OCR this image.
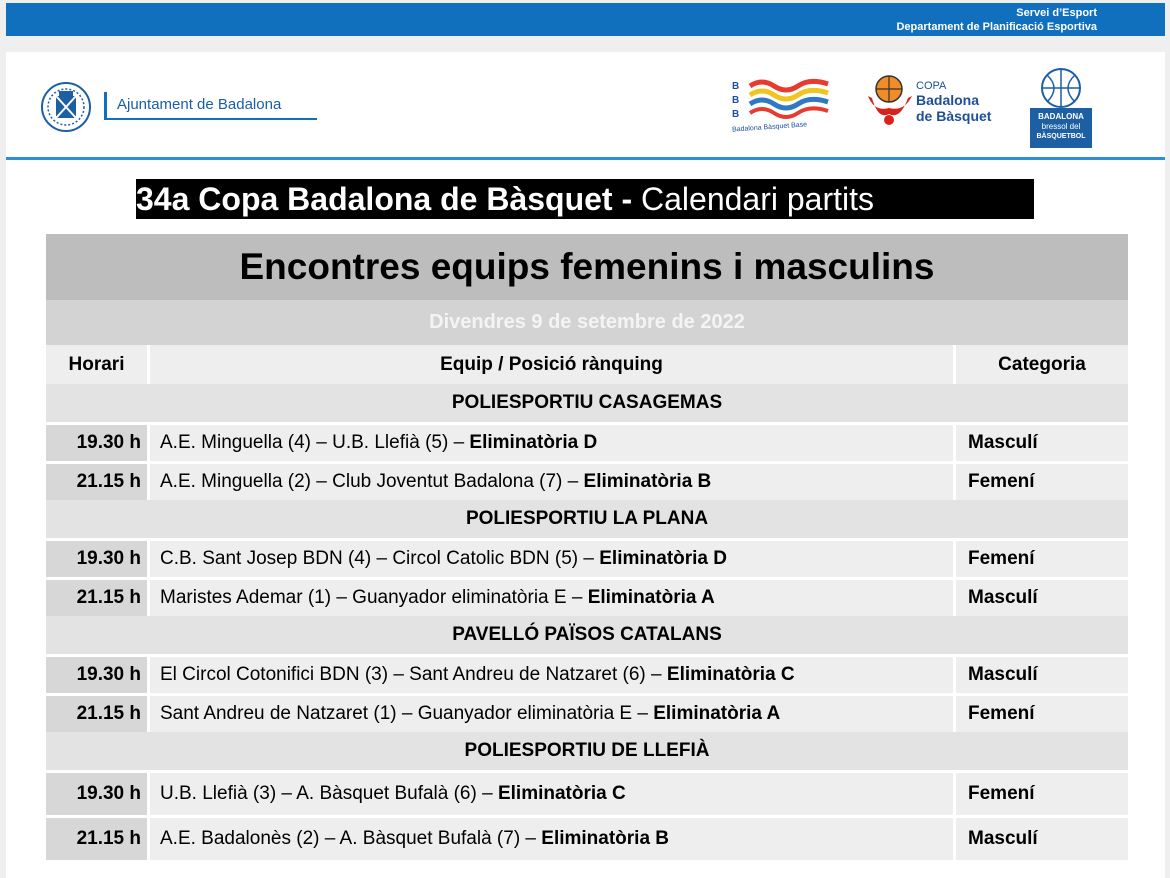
Servei d’Esport
Departament de Planificació Esportiva
Ajuntament de Badalona
B
B
B
Badalona Bàsquet Base
COPA
Badalona
de Bàsquet	BADALONA
bressol del
BÀSQUETBOL
34a Copa Badalona de Bàsquet - Calendari partits
Encontres equips femenins i masculins		
Divendres 9 de setembre de 2022		
Horari	Equip / Posició rànquing	Categoria
POLIESPORTIU CASAGEMAS		
19.30 h	A.E. Minguella (4) – U.B. Llefià (5) – Eliminatòria D	Masculí
21.15 h	A.E. Minguella (2) – Club Joventut Badalona (7) – Eliminatòria B	Femení
POLIESPORTIU LA PLANA		
19.30 h	C.B. Sant Josep BDN (4) – Circol Catolic BDN (5) – Eliminatòria D	Femení
21.15 h	Maristes Ademar (1) – Guanyador eliminatòria E – Eliminatòria A	Masculí
PAVELLÓ PAÏSOS CATALANS		
19.30 h	El Circol Cotonifici BDN (3) – Sant Andreu de Natzaret (6) – Eliminatòria C	Masculí
21.15 h	Sant Andreu de Natzaret (1) – Guanyador eliminatòria E – Eliminatòria A	Femení
POLIESPORTIU DE LLEFIÀ		
19.30 h	U.B. Llefià (3) – A. Bàsquet Bufalà (6) – Eliminatòria C	Femení
21.15 h	A.E. Badalonès (2) – A. Bàsquet Bufalà (7) – Eliminatòria B	Masculí
